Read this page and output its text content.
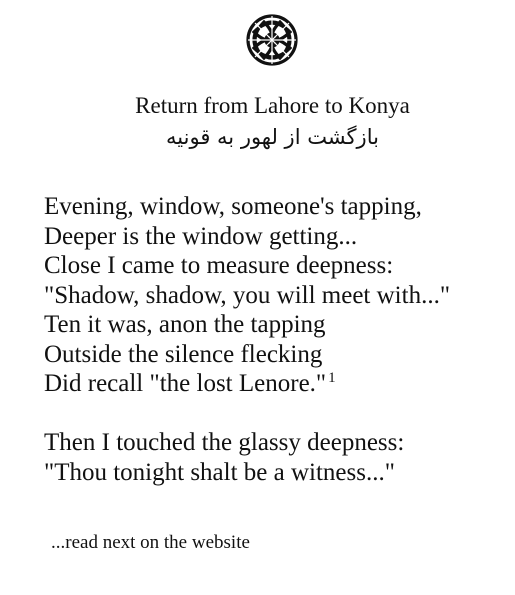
Return from Lahore to Konya
بازگشت از لهور به قونیه
Evening, window, someone's tapping,
Deeper is the window getting...
Close I came to measure deepness:
"Shadow, shadow, you will meet with..."
Ten it was, anon the tapping
Outside the silence flecking
Did recall "the lost Lenore." $^1$
Then I touched the glassy deepness:
"Thou tonight shalt be a witness..."
...read next on the website
